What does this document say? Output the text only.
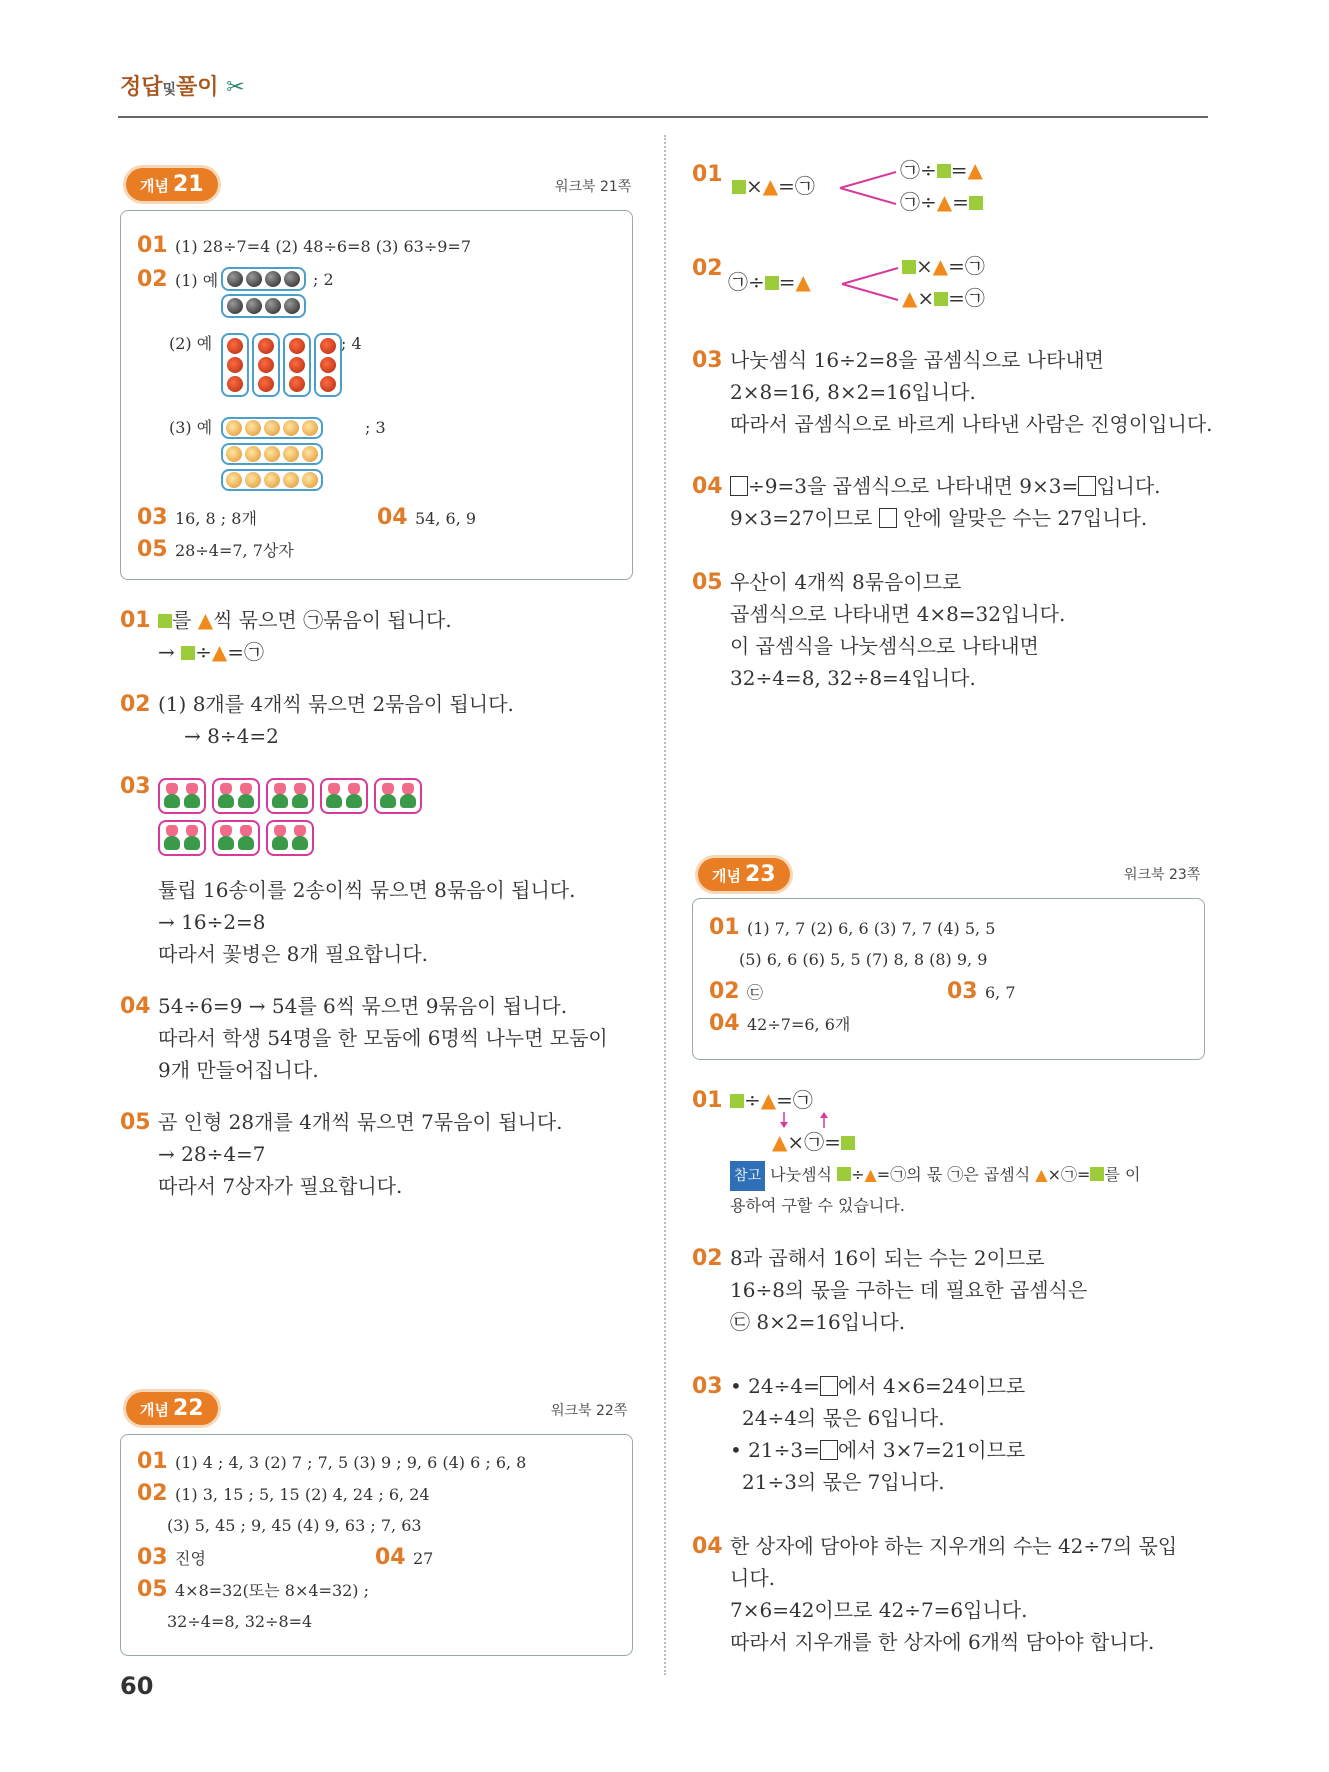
정답및풀이 ✂
개념 21	워크북 21쪽
01 (1) 28÷7=4 (2) 48÷6=8 (3) 63÷9=7
02 (1) 예	; 2
(2) 예	; 4
(3) 예	; 3
03 16, 8 ; 8개	04 54, 6, 9
05 28÷4=7, 7상자
01 를 ▲씩 묶으면 ㉠묶음이 됩니다.
→ ÷▲=㉠
02 (1) 8개를 4개씩 묶으면 2묶음이 됩니다.
→ 8÷4=2
03
튤립 16송이를 2송이씩 묶으면 8묶음이 됩니다.
→ 16÷2=8
따라서 꽃병은 8개 필요합니다.
04 54÷6=9 → 54를 6씩 묶으면 9묶음이 됩니다.
따라서 학생 54명을 한 모둠에 6명씩 나누면 모둠이
9개 만들어집니다.
05 곰 인형 28개를 4개씩 묶으면 7묶음이 됩니다.
→ 28÷4=7
따라서 7상자가 필요합니다.
개념 22	워크북 22쪽
01 (1) 4 ; 4, 3 (2) 7 ; 7, 5 (3) 9 ; 9, 6 (4) 6 ; 6, 8
02 (1) 3, 15 ; 5, 15 (2) 4, 24 ; 6, 24
(3) 5, 45 ; 9, 45 (4) 9, 63 ; 7, 63
03 진영	04 27
05 4×8=32(또는 8×4=32) ;
32÷4=8, 32÷8=4
01	×▲=㉠
㉠÷ =▲
㉠÷▲=
02
㉠÷ =▲
×▲=㉠
▲× =㉠
03 나눗셈식 16÷2=8을 곱셈식으로 나타내면
2×8=16, 8×2=16입니다.
따라서 곱셈식으로 바르게 나타낸 사람은 진영이입니다.
04 ÷9=3을 곱셈식으로 나타내면 9×3= 입니다.
9×3=27이므로 안에 알맞은 수는 27입니다.
05 우산이 4개씩 8묶음이므로
곱셈식으로 나타내면 4×8=32입니다.
이 곱셈식을 나눗셈식으로 나타내면
32÷4=8, 32÷8=4입니다.
개념 23	워크북 23쪽
01 (1) 7, 7 (2) 6, 6 (3) 7, 7 (4) 5, 5
(5) 6, 6 (6) 5, 5 (7) 8, 8 (8) 9, 9
02 ㉢	03 6, 7
04 42÷7=6, 6개
01 ÷▲=㉠
▲×㉠=
참고 나눗셈식 ÷▲=㉠의 몫 ㉠은 곱셈식 ▲×㉠= 를 이
용하여 구할 수 있습니다.
02 8과 곱해서 16이 되는 수는 2이므로
16÷8의 몫을 구하는 데 필요한 곱셈식은
㉢ 8×2=16입니다.
03 • 24÷4= 에서 4×6=24이므로
24÷4의 몫은 6입니다.
• 21÷3= 에서 3×7=21이므로
21÷3의 몫은 7입니다.
04 한 상자에 담아야 하는 지우개의 수는 42÷7의 몫입
니다.
7×6=42이므로 42÷7=6입니다.
따라서 지우개를 한 상자에 6개씩 담아야 합니다.
60
